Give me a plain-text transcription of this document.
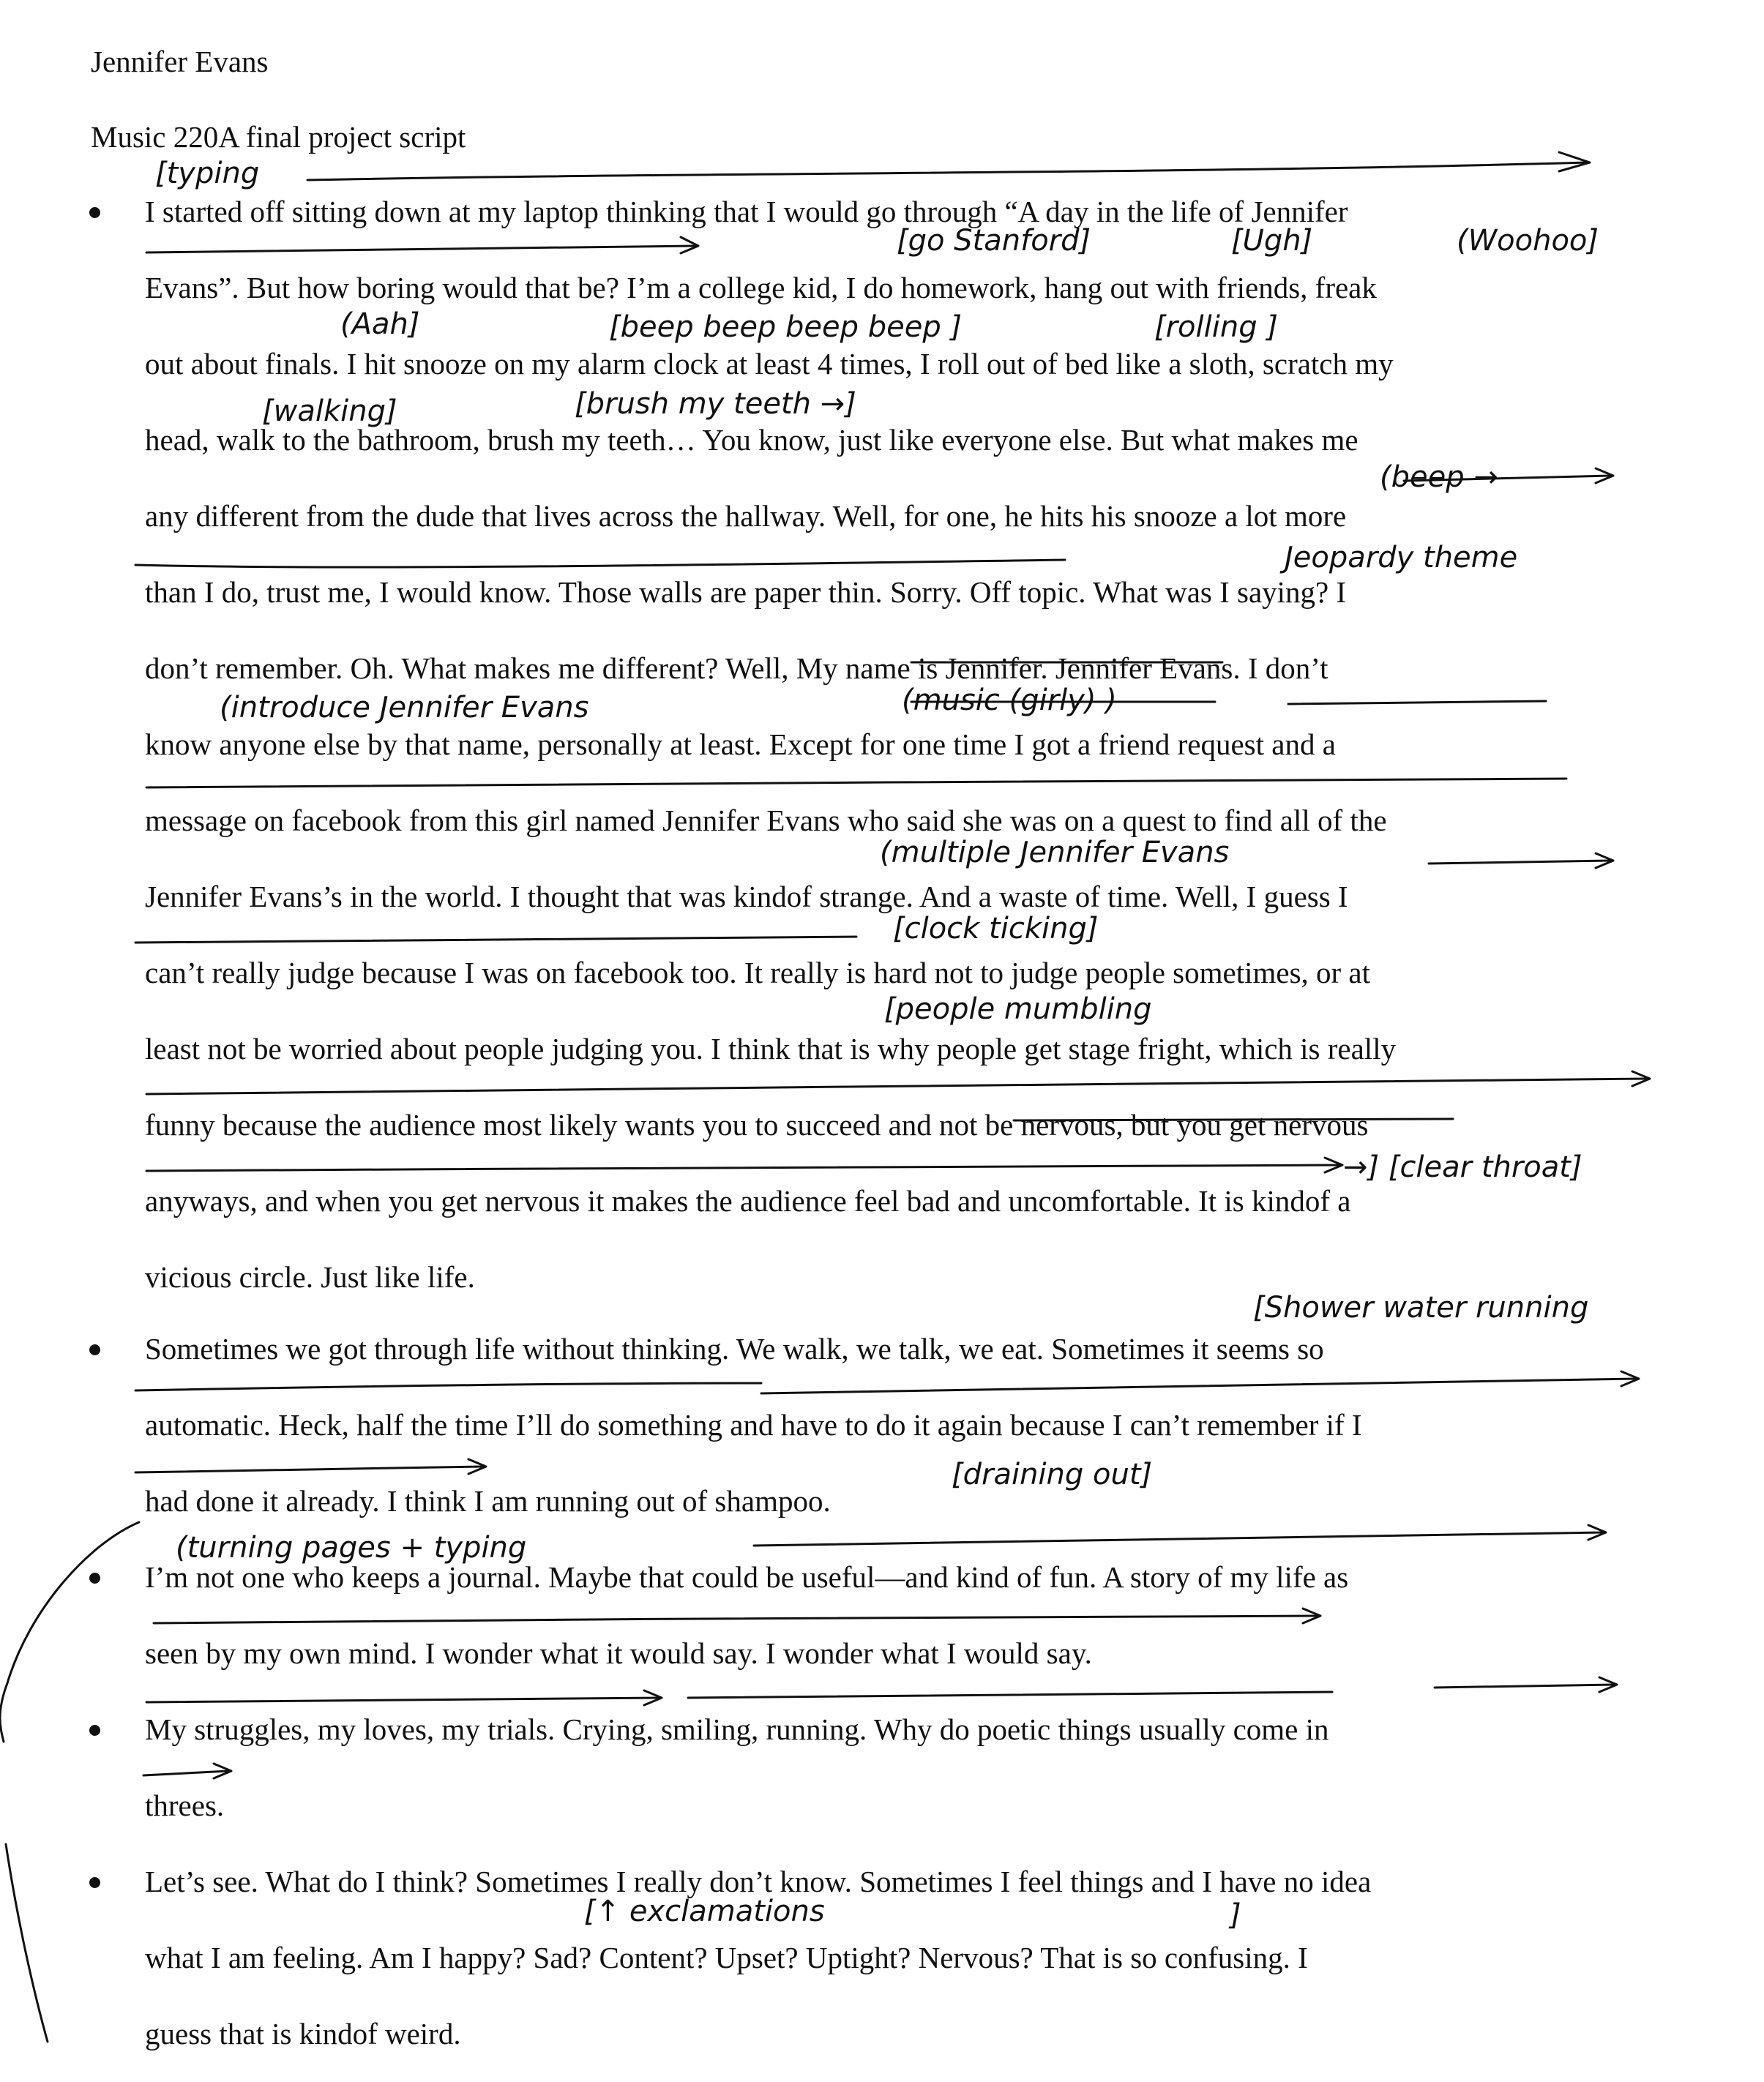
Jennifer Evans
Music 220A final project script
I started off sitting down at my laptop thinking that I would go through “A day in the life of Jennifer
Evans”. But how boring would that be? I’m a college kid, I do homework, hang out with friends, freak
out about finals. I hit snooze on my alarm clock at least 4 times, I roll out of bed like a sloth, scratch my
head, walk to the bathroom, brush my teeth… You know, just like everyone else. But what makes me
any different from the dude that lives across the hallway. Well, for one, he hits his snooze a lot more
than I do, trust me, I would know. Those walls are paper thin. Sorry. Off topic. What was I saying? I
don’t remember. Oh. What makes me different? Well, My name is Jennifer. Jennifer Evans. I don’t
know anyone else by that name, personally at least. Except for one time I got a friend request and a
message on facebook from this girl named Jennifer Evans who said she was on a quest to find all of the
Jennifer Evans’s in the world. I thought that was kindof strange. And a waste of time. Well, I guess I
can’t really judge because I was on facebook too. It really is hard not to judge people sometimes, or at
least not be worried about people judging you. I think that is why people get stage fright, which is really
funny because the audience most likely wants you to succeed and not be nervous, but you get nervous
anyways, and when you get nervous it makes the audience feel bad and uncomfortable. It is kindof a
vicious circle. Just like life.
Sometimes we got through life without thinking. We walk, we talk, we eat. Sometimes it seems so
automatic. Heck, half the time I’ll do something and have to do it again because I can’t remember if I
had done it already. I think I am running out of shampoo.
I’m not one who keeps a journal. Maybe that could be useful—and kind of fun. A story of my life as
seen by my own mind. I wonder what it would say. I wonder what I would say.
My struggles, my loves, my trials. Crying, smiling, running. Why do poetic things usually come in
threes.
Let’s see. What do I think? Sometimes I really don’t know. Sometimes I feel things and I have no idea
what I am feeling. Am I happy? Sad? Content? Upset? Uptight? Nervous? That is so confusing. I
guess that is kindof weird.
[typing
[go Stanford]	[Ugh]	(Woohoo]
(Aah]	[beep beep beep beep ]	[rolling ]
[walking]	[brush my teeth →]
(beep →
Jeopardy theme
(introduce Jennifer Evans	(music (girly) )
(multiple Jennifer Evans
[clock ticking]
[people mumbling
→] [clear throat]
[Shower water running
[draining out]
(turning pages + typing
[↑ exclamations	]
